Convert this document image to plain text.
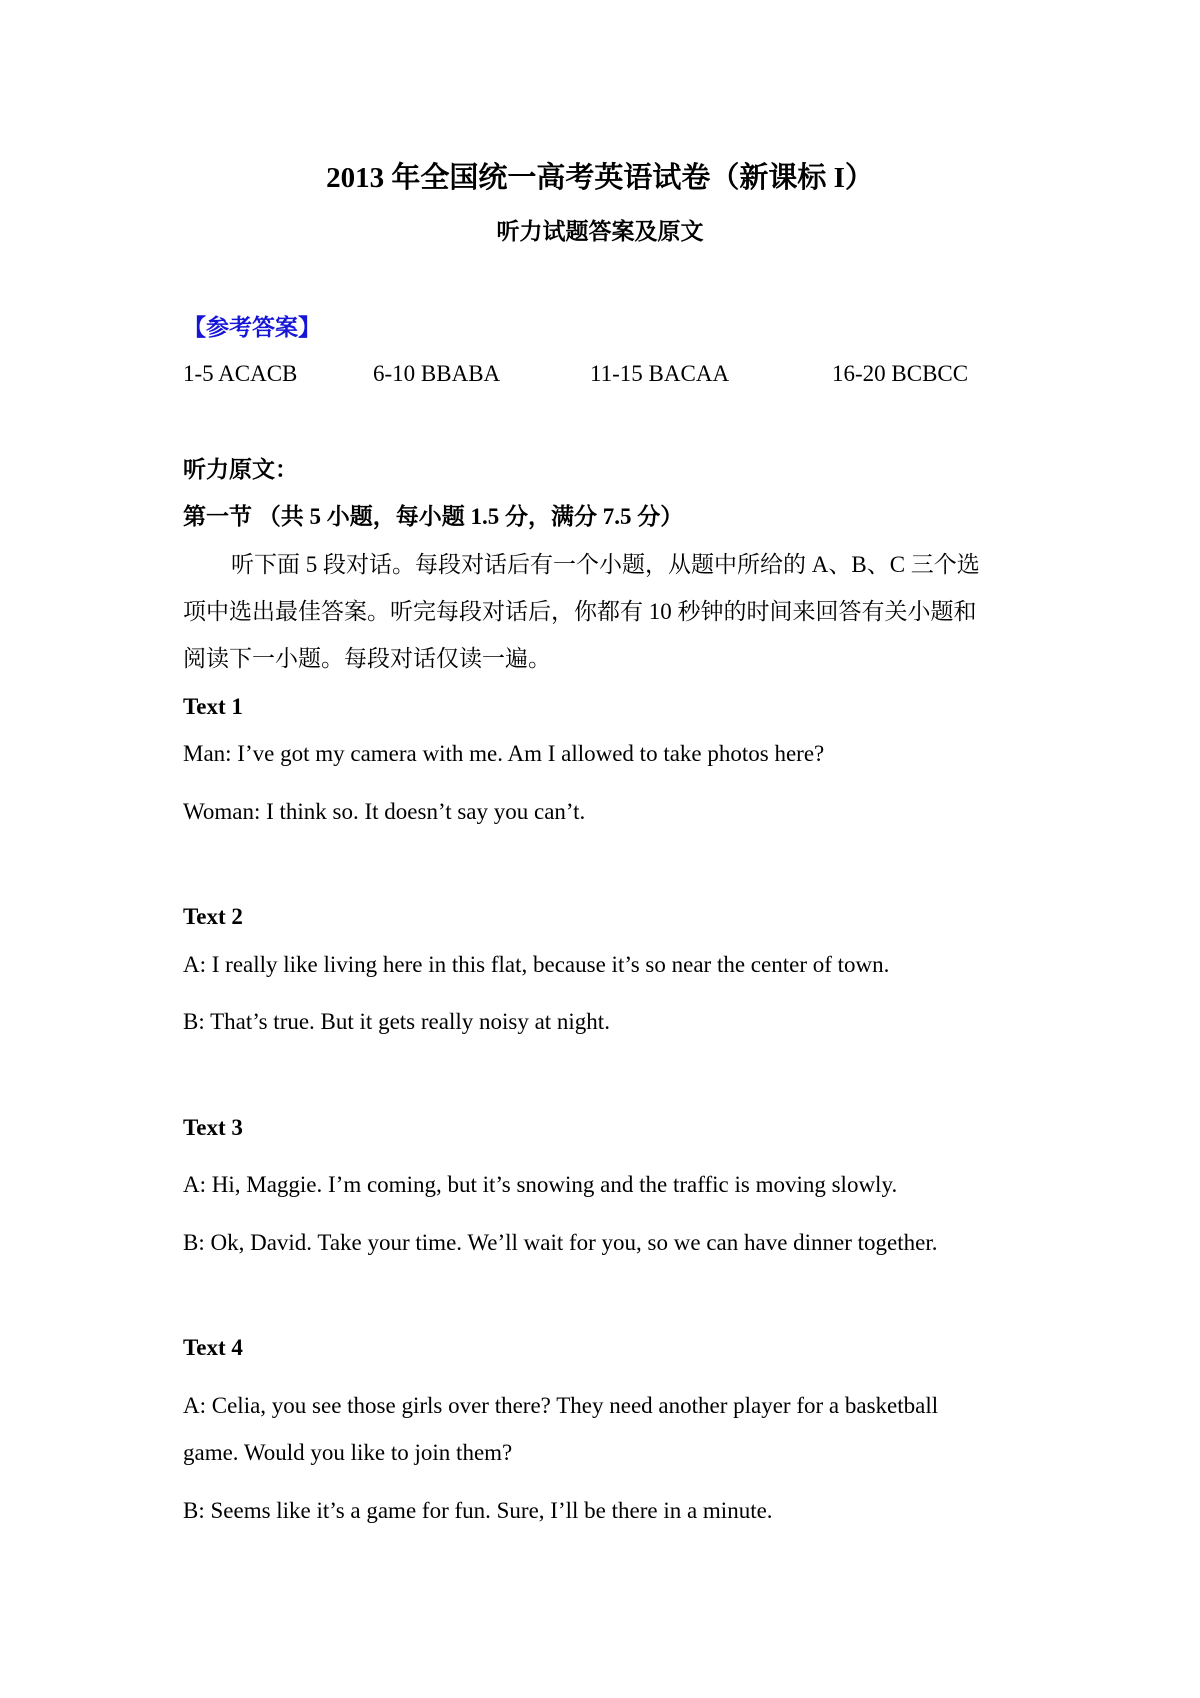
2013 年全国统一高考英语试卷（新课标 I）
听力试题答案及原文
【参考答案】
1-5 ACACB	6-10 BBABA	11-15 BACAA	16-20 BCBCC
听力原文：
第一节 （共 5 小题，每小题 1.5 分，满分 7.5 分）
听下面 5 段对话。每段对话后有一个小题，从题中所给的 A、B、C 三个选
项中选出最佳答案。听完每段对话后，你都有 10 秒钟的时间来回答有关小题和
阅读下一小题。每段对话仅读一遍。
Text 1
Man: I’ve got my camera with me. Am I allowed to take photos here?
Woman: I think so. It doesn’t say you can’t.
Text 2
A: I really like living here in this flat, because it’s so near the center of town.
B: That’s true. But it gets really noisy at night.
Text 3
A: Hi, Maggie. I’m coming, but it’s snowing and the traffic is moving slowly.
B: Ok, David. Take your time. We’ll wait for you, so we can have dinner together.
Text 4
A: Celia, you see those girls over there? They need another player for a basketball
game. Would you like to join them?
B: Seems like it’s a game for fun. Sure, I’ll be there in a minute.
